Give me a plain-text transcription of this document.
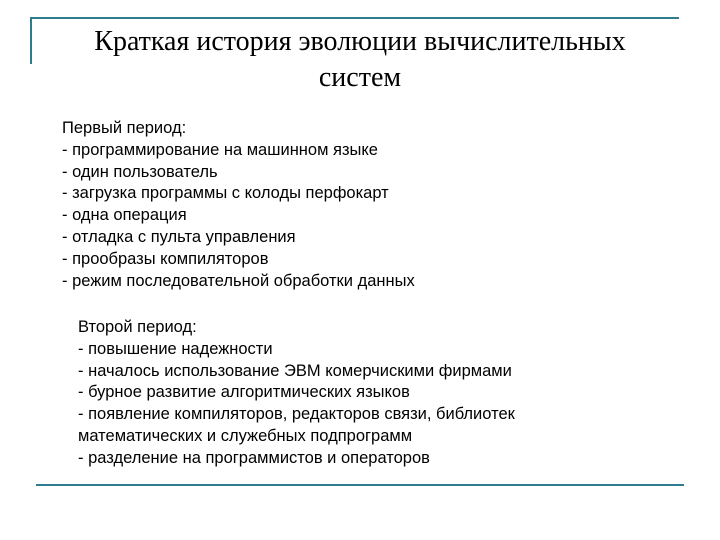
Краткая история эволюции вычислительных
систем
Первый период:
- программирование на машинном языке
- один пользователь
- загрузка программы с колоды перфокарт
- одна операция
- отладка с пульта управления
- прообразы компиляторов
- режим последовательной обработки данных
Второй период:
- повышение надежности
- началось использование ЭВМ комерчискими фирмами
- бурное развитие алгоритмических языков
- появление компиляторов, редакторов связи, библиотек
математических и служебных подпрограмм
- разделение на программистов и операторов
